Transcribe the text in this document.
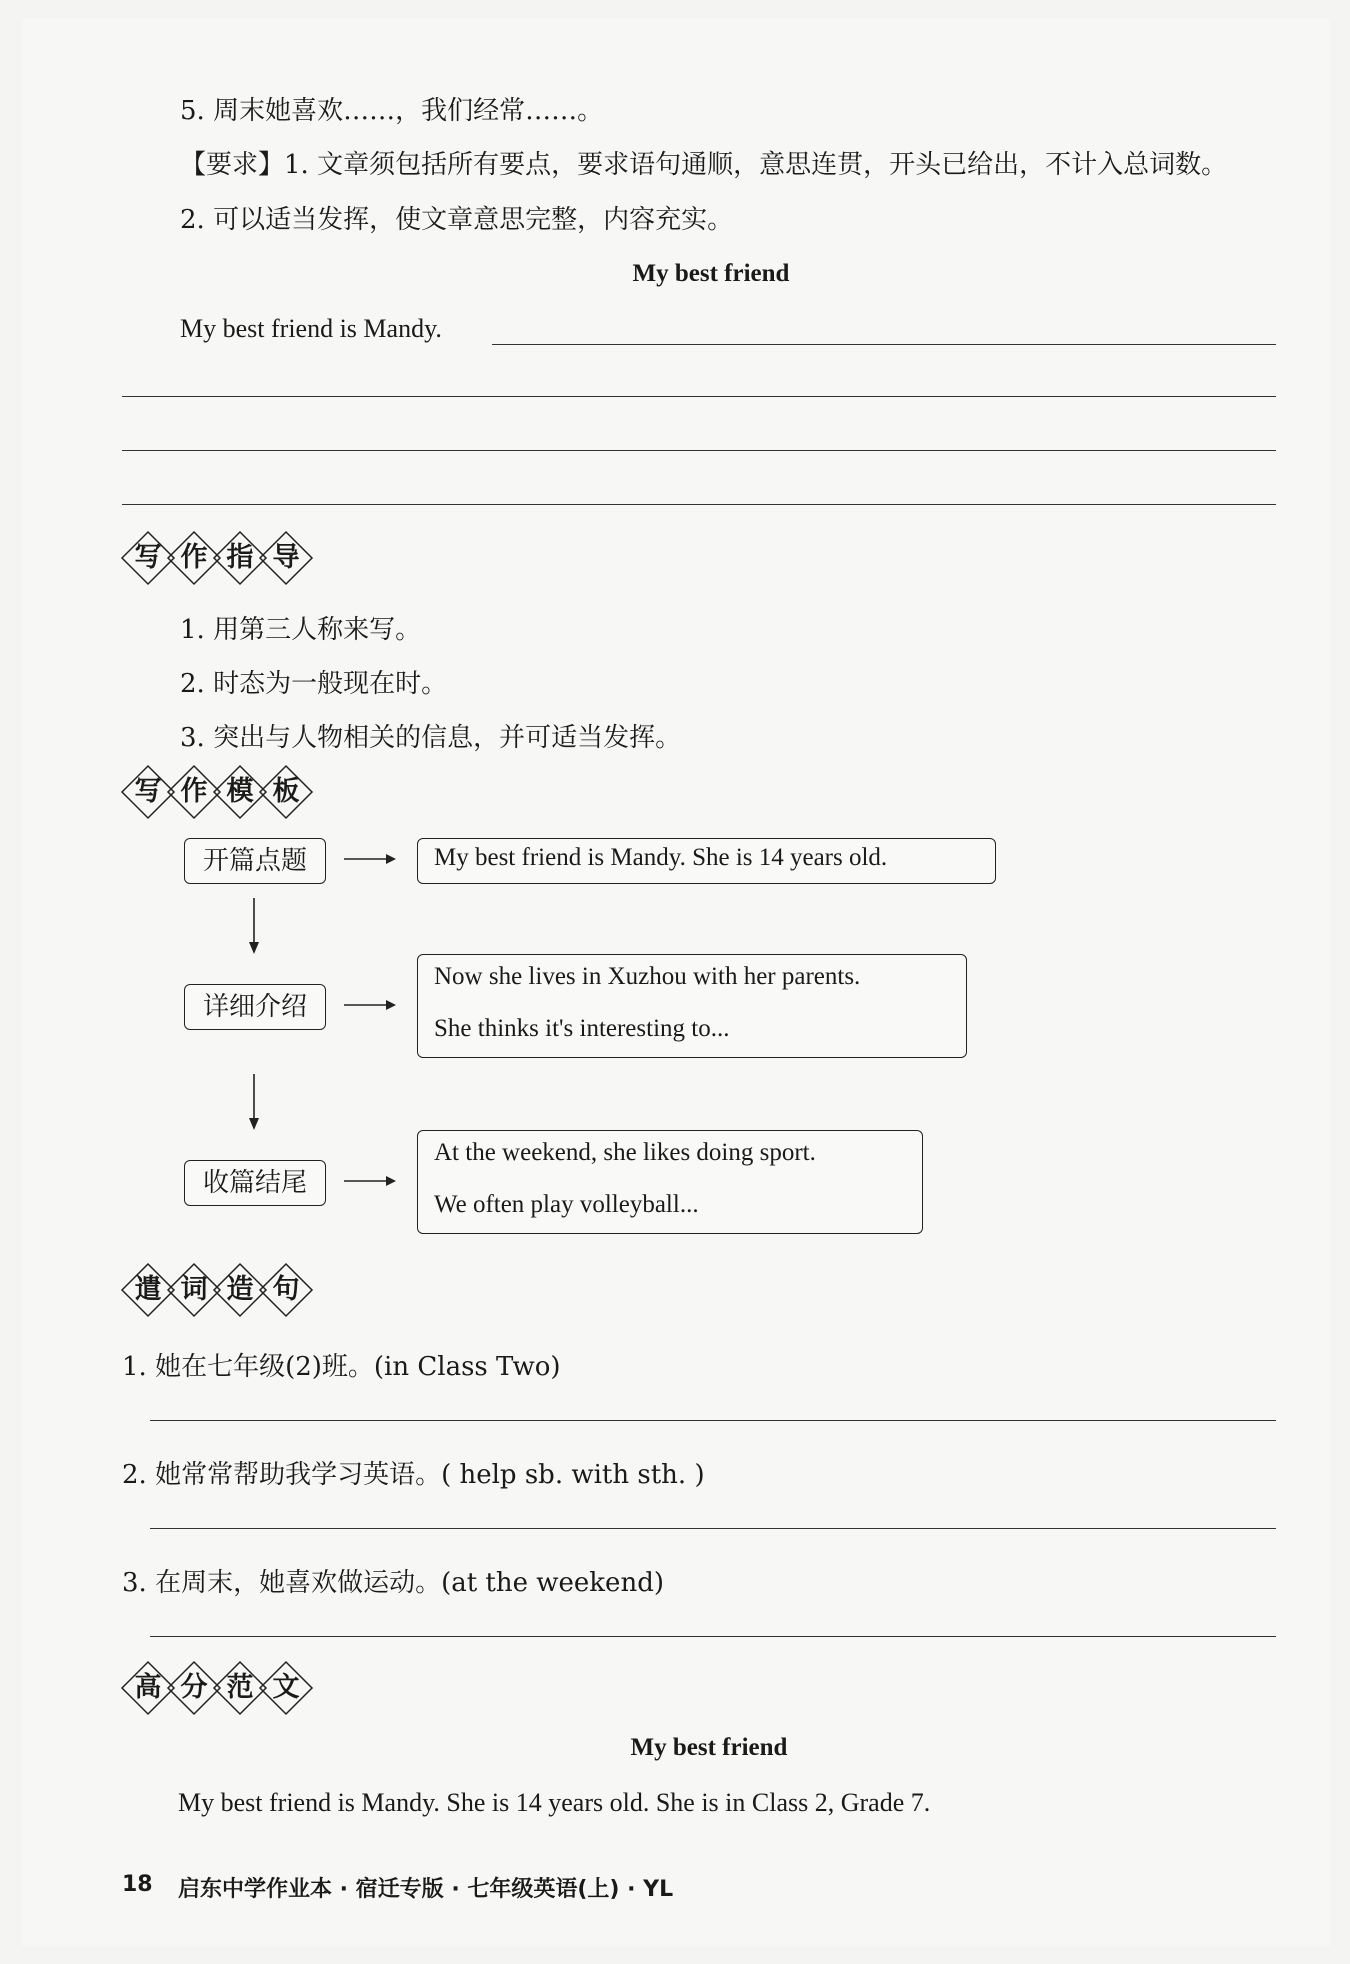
5. 周末她喜欢……，我们经常……。
【要求】1. 文章须包括所有要点，要求语句通顺，意思连贯，开头已给出，不计入总词数。
2. 可以适当发挥，使文章意思完整，内容充实。
My best friend
My best friend is Mandy.
写 作 指 导
1. 用第三人称来写。
2. 时态为一般现在时。
3. 突出与人物相关的信息，并可适当发挥。
写 作 模 板
开篇点题	My best friend is Mandy. She is 14 years old.
详细介绍
Now she lives in Xuzhou with her parents.
She thinks it's interesting to...
收篇结尾
At the weekend, she likes doing sport.
We often play volleyball...
遣 词 造 句
1. 她在七年级(2)班。(in Class Two)
2. 她常常帮助我学习英语。( help sb. with sth. )
3. 在周末，她喜欢做运动。(at the weekend)
高 分 范 文
My best friend
My best friend is Mandy. She is 14 years old. She is in Class 2, Grade 7.
18 启东中学作业本 · 宿迁专版 · 七年级英语(上) · YL
